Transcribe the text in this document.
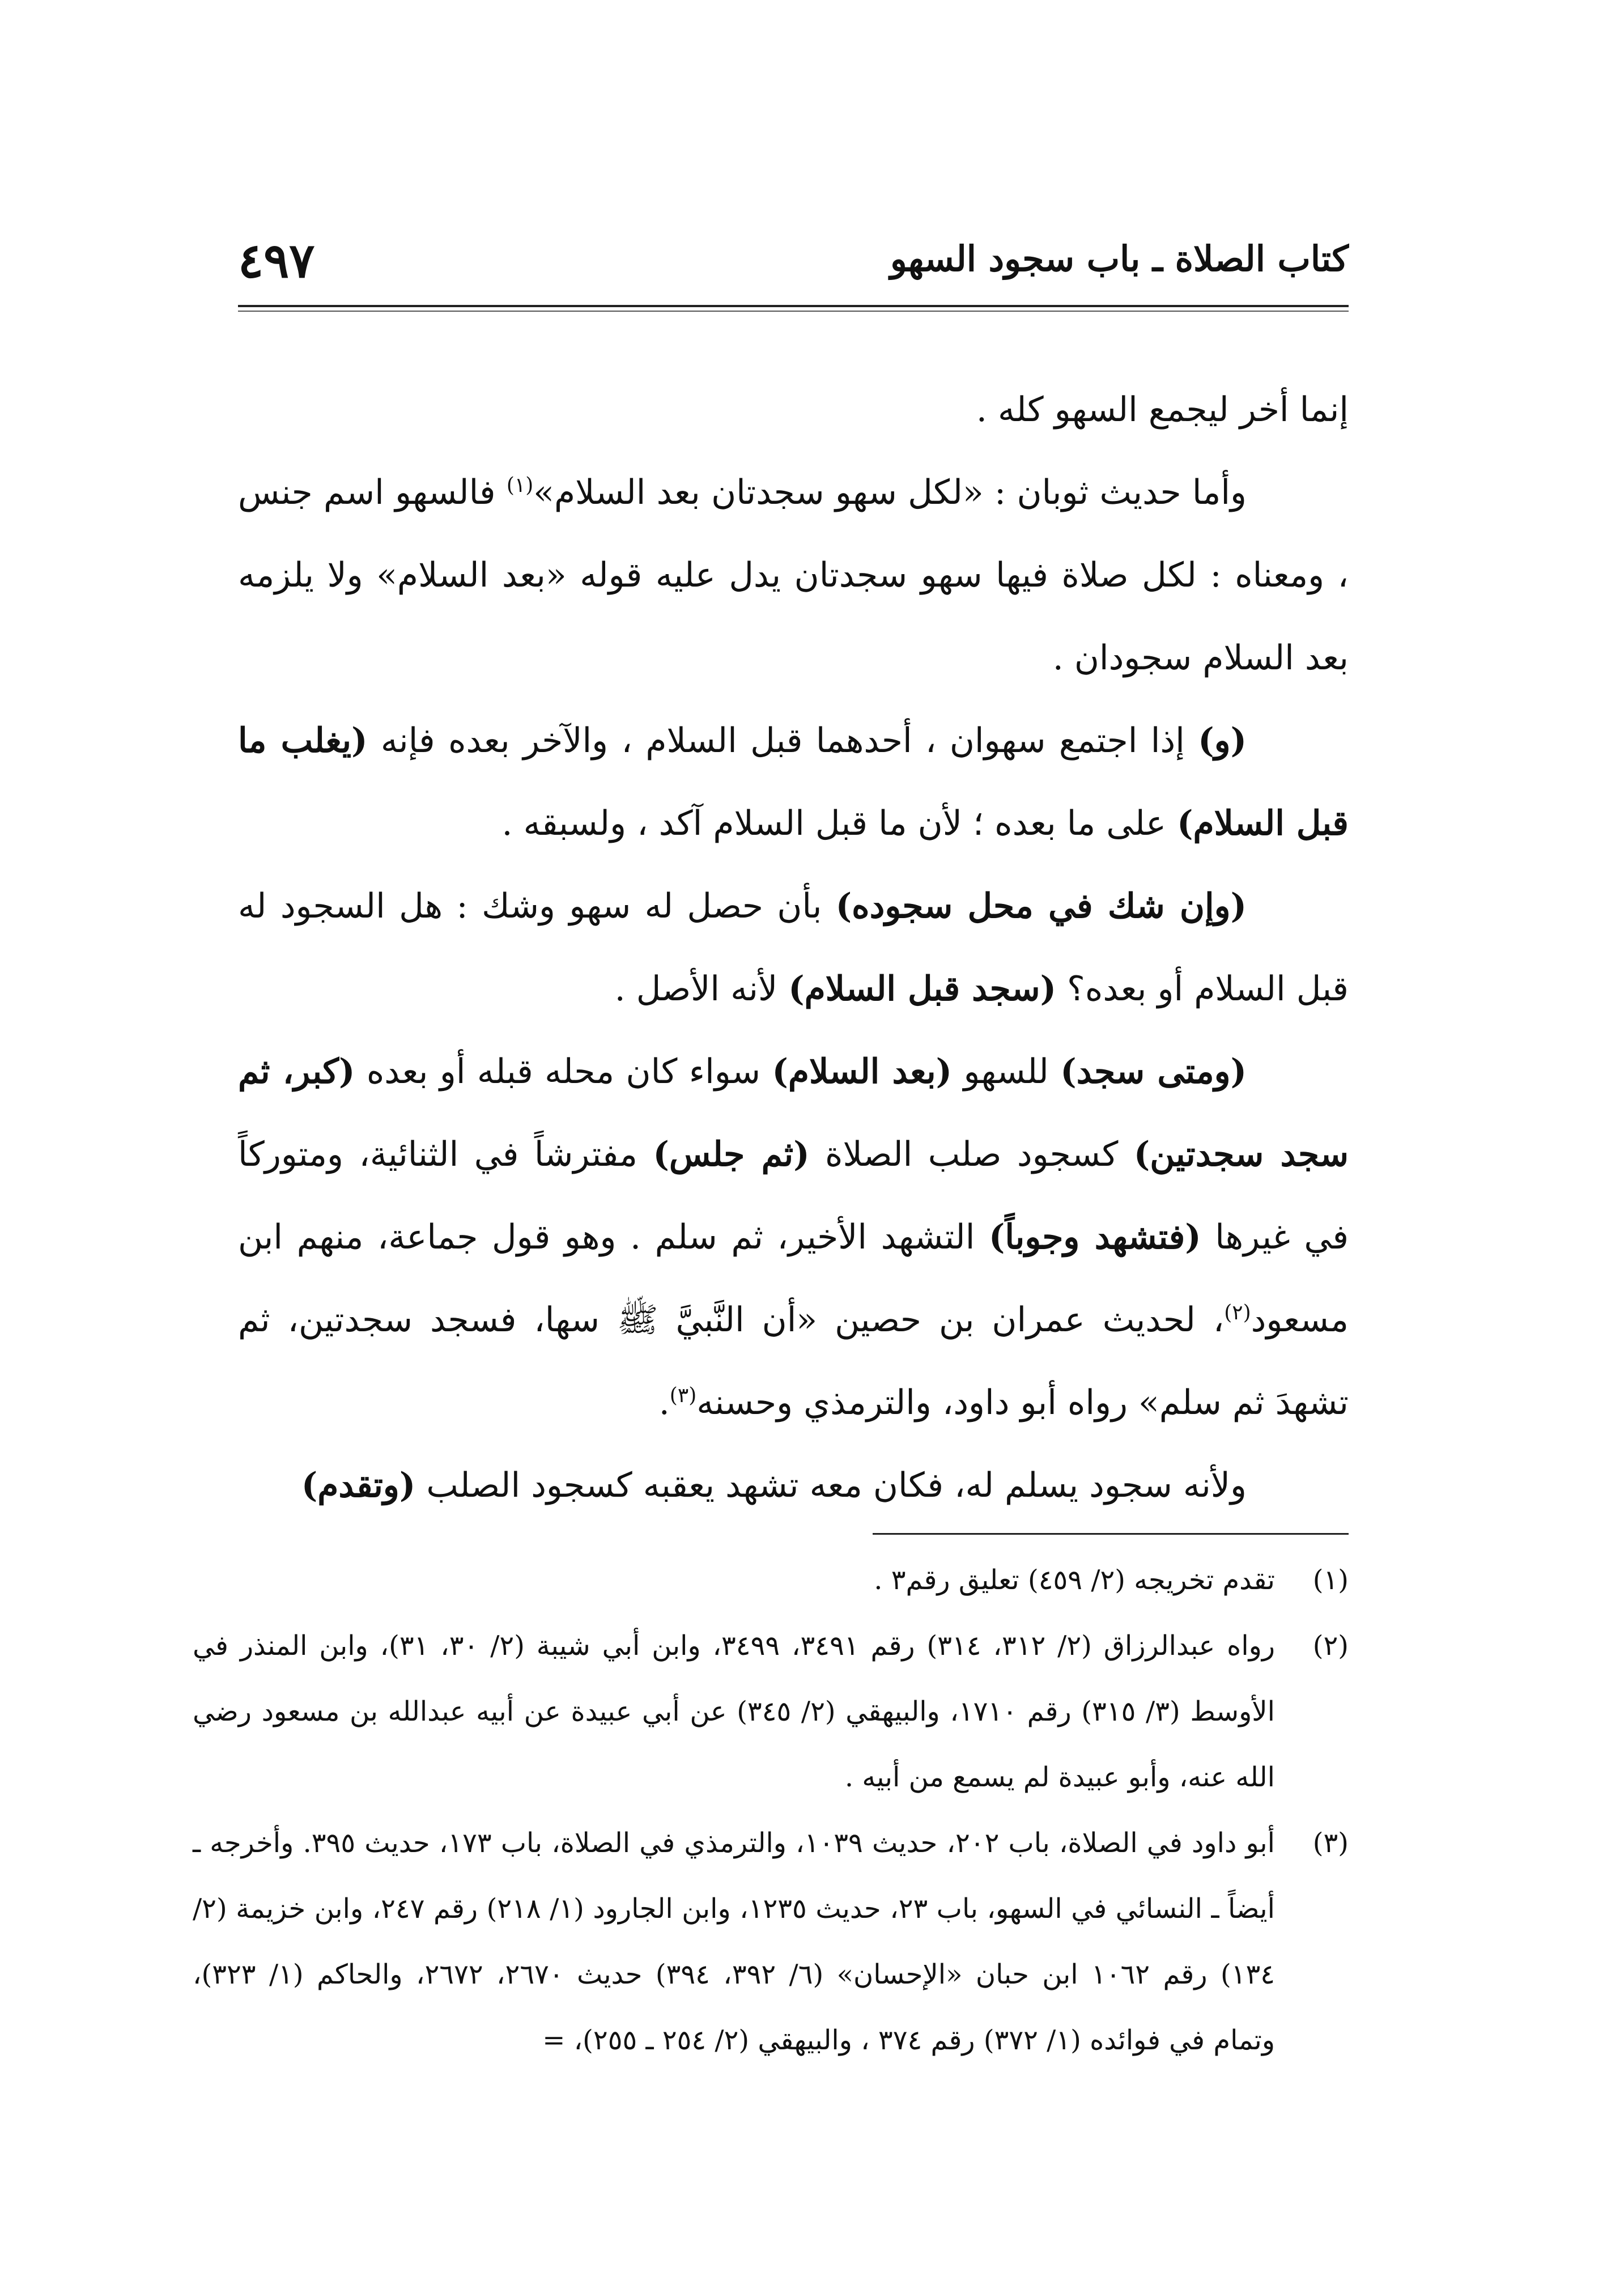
كتاب الصلاة ـ باب سجود السهو
٤٩٧

إنما أخر ليجمع السهو كله .

وأما حديث ثوبان : «لكل سهو سجدتان بعد السلام»$^{(١)}$ فالسهو اسم جنس ، ومعناه : لكل صلاة فيها سهو سجدتان يدل عليه قوله «بعد السلام» ولا يلزمه بعد السلام سجودان .

(و) إذا اجتمع سهوان ، أحدهما قبل السلام ، والآخر بعده فإنه (يغلب ما قبل السلام) على ما بعده ؛ لأن ما قبل السلام آكد ، ولسبقه .

(وإن شك في محل سجوده) بأن حصل له سهو وشك : هل السجود له قبل السلام أو بعده؟ (سجد قبل السلام) لأنه الأصل .

(ومتى سجد) للسهو (بعد السلام) سواء كان محله قبله أو بعده (كبر، ثم سجد سجدتين) كسجود صلب الصلاة (ثم جلس) مفترشاً في الثنائية، ومتوركاً في غيرها (فتشهد وجوباً) التشهد الأخير، ثم سلم . وهو قول جماعة، منهم ابن مسعود$^{(٢)}$، لحديث عمران بن حصين «أن النَّبيَّ ﷺ سها، فسجد سجدتين، ثم تشهدَ ثم سلم» رواه أبو داود، والترمذي وحسنه$^{(٣)}$.

ولأنه سجود يسلم له، فكان معه تشهد يعقبه كسجود الصلب (وتقدم)

(١)
تقدم تخريجه (٢/ ٤٥٩) تعليق رقم٣ .
(٢)
رواه عبدالرزاق (٢/ ٣١٢، ٣١٤) رقم ٣٤٩١، ٣٤٩٩، وابن أبي شيبة (٢/ ٣٠، ٣١)، وابن المنذر في الأوسط (٣/ ٣١٥) رقم ١٧١٠، والبيهقي (٢/ ٣٤٥) عن أبي عبيدة عن أبيه عبدالله بن مسعود رضي الله عنه، وأبو عبيدة لم يسمع من أبيه .
(٣)
أبو داود في الصلاة، باب ٢٠٢، حديث ١٠٣٩، والترمذي في الصلاة، باب ١٧٣، حديث ٣٩٥. وأخرجه ـ أيضاً ـ النسائي في السهو، باب ٢٣، حديث ١٢٣٥، وابن الجارود (١/ ٢١٨) رقم ٢٤٧، وابن خزيمة (٢/ ١٣٤) رقم ١٠٦٢ ابن حبان «الإحسان» (٦/ ٣٩٢، ٣٩٤) حديث ٢٦٧٠، ٢٦٧٢، والحاكم (١/ ٣٢٣)، وتمام في فوائده (١/ ٣٧٢) رقم ٣٧٤ ، والبيهقي (٢/ ٢٥٤ ـ ٢٥٥)، =
